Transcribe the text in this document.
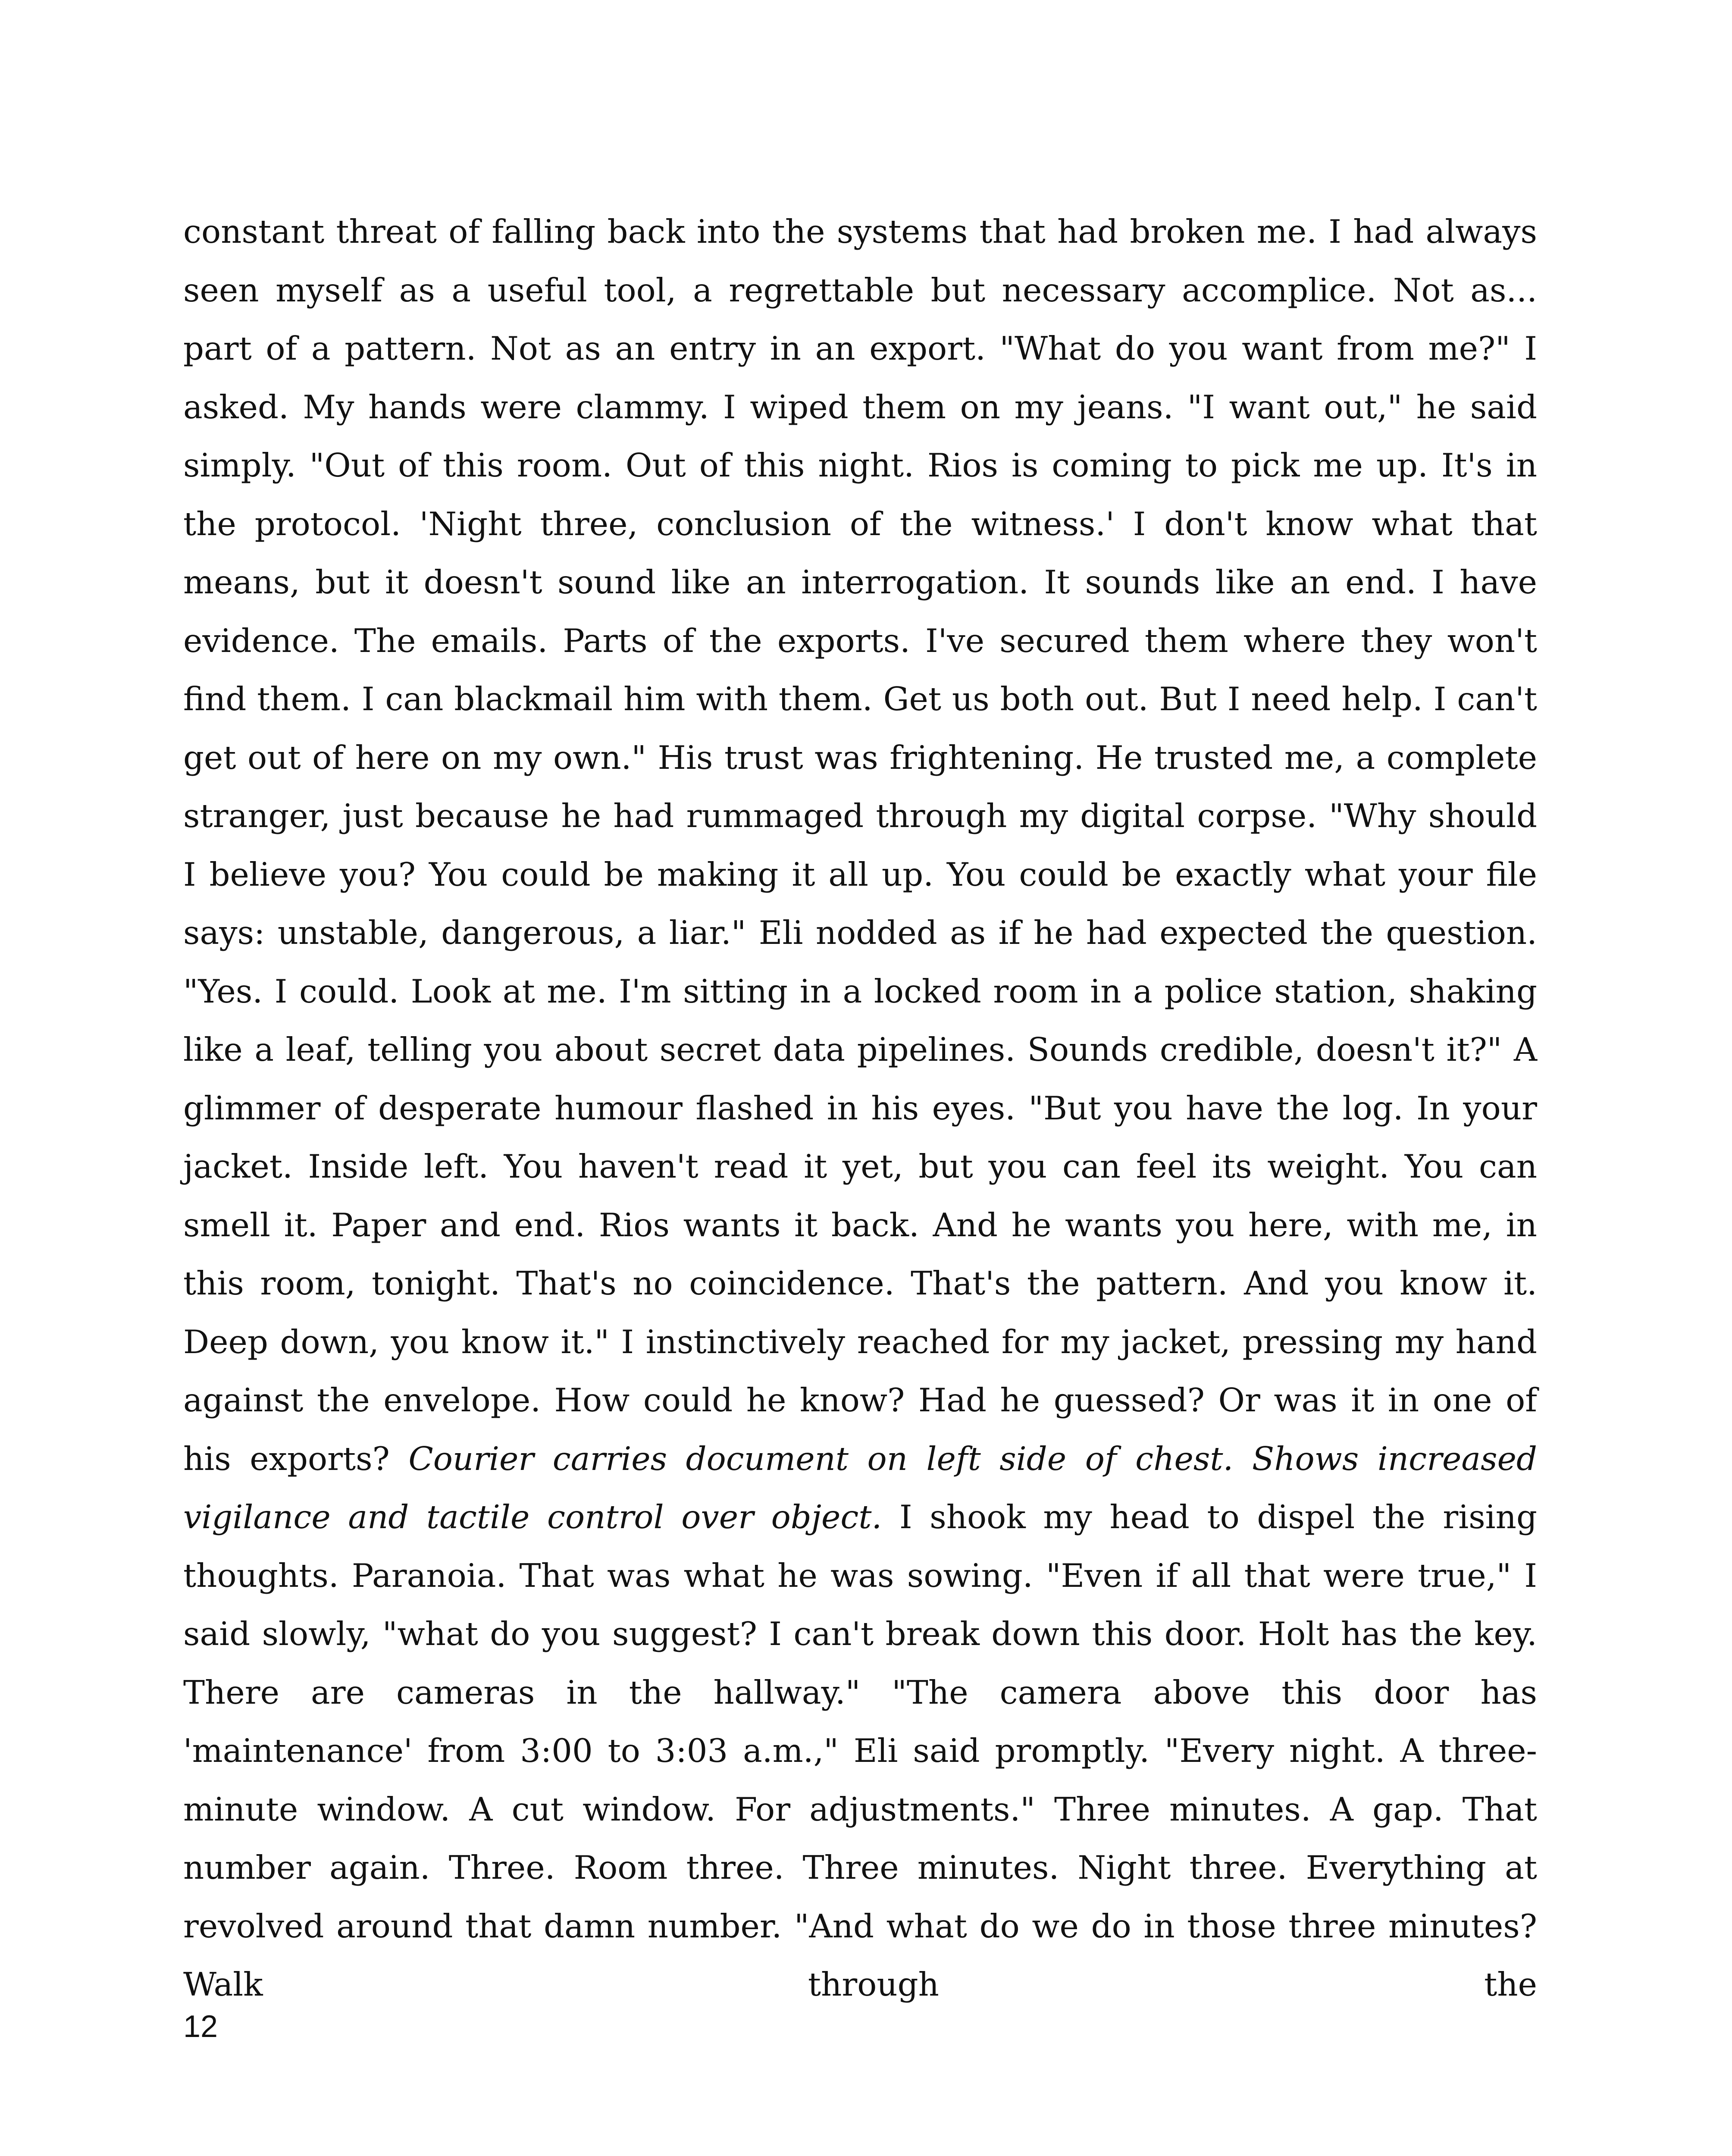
constant threat of falling back into the systems that had broken me. I had always seen myself as a useful tool, a regrettable but necessary accomplice. Not as... part of a pattern. Not as an entry in an export. "What do you want from me?" I asked. My hands were clammy. I wiped them on my jeans. "I want out," he said simply. "Out of this room. Out of this night. Rios is coming to pick me up. It's in the protocol. 'Night three, conclusion of the witness.' I don't know what that means, but it doesn't sound like an interrogation. It sounds like an end. I have evidence. The emails. Parts of the exports. I've secured them where they won't find them. I can blackmail him with them. Get us both out. But I need help. I can't get out of here on my own." His trust was frightening. He trusted me, a complete stranger, just because he had rummaged through my digital corpse. "Why should I believe you? You could be making it all up. You could be exactly what your file says: unstable, dangerous, a liar." Eli nodded as if he had expected the question. "Yes. I could. Look at me. I'm sitting in a locked room in a police station, shaking like a leaf, telling you about secret data pipelines. Sounds credible, doesn't it?" A glimmer of desperate humour flashed in his eyes. "But you have the log. In your jacket. Inside left. You haven't read it yet, but you can feel its weight. You can smell it. Paper and end. Rios wants it back. And he wants you here, with me, in this room, tonight. That's no coincidence. That's the pattern. And you know it. Deep down, you know it." I instinctively reached for my jacket, pressing my hand against the envelope. How could he know? Had he guessed? Or was it in one of his exports? Courier carries document on left side of chest. Shows increased vigilance and tactile control over object. I shook my head to dispel the rising thoughts. Paranoia. That was what he was sowing. "Even if all that were true," I said slowly, "what do you suggest? I can't break down this door. Holt has the key. There are cameras in the hallway." "The camera above this door has 'maintenance' from 3:00 to 3:03 a.m.," Eli said promptly. "Every night. A three-minute window. A cut window. For adjustments." Three minutes. A gap. That number again. Three. Room three. Three minutes. Night three. Everything at revolved around that damn number. "And what do we do in those three minutes? Walk through the

12
